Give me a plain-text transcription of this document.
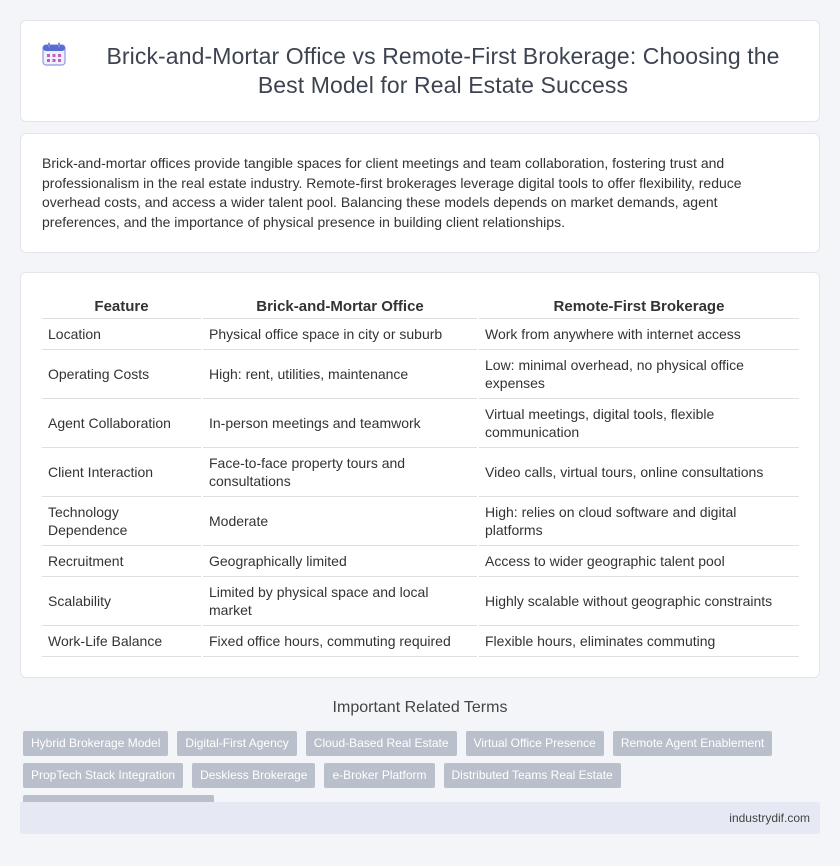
Brick-and-Mortar Office vs Remote-First Brokerage: Choosing the Best Model for Real Estate Success

Brick-and-mortar offices provide tangible spaces for client meetings and team collaboration, fostering trust and professionalism in the real estate industry. Remote-first brokerages leverage digital tools to offer flexibility, reduce overhead costs, and access a wider talent pool. Balancing these models depends on market demands, agent preferences, and the importance of physical presence in building client relationships.

Feature	Brick-and-Mortar Office	Remote-First Brokerage
Location	Physical office space in city or suburb	Work from anywhere with internet access
Operating Costs	High: rent, utilities, maintenance	Low: minimal overhead, no physical office expenses
Agent Collaboration	In-person meetings and teamwork	Virtual meetings, digital tools, flexible communication
Client Interaction	Face-to-face property tours and consultations	Video calls, virtual tours, online consultations
Technology Dependence	Moderate	High: relies on cloud software and digital platforms
Recruitment	Geographically limited	Access to wider geographic talent pool
Scalability	Limited by physical space and local market	Highly scalable without geographic constraints
Work-Life Balance	Fixed office hours, commuting required	Flexible hours, eliminates commuting
Important Related Terms
Hybrid Brokerage Model	Digital-First Agency	Cloud-Based Real Estate	Virtual Office Presence	Remote Agent Enablement
PropTech Stack Integration	Deskless Brokerage	e-Broker Platform	Distributed Teams Real Estate
industrydif.com
